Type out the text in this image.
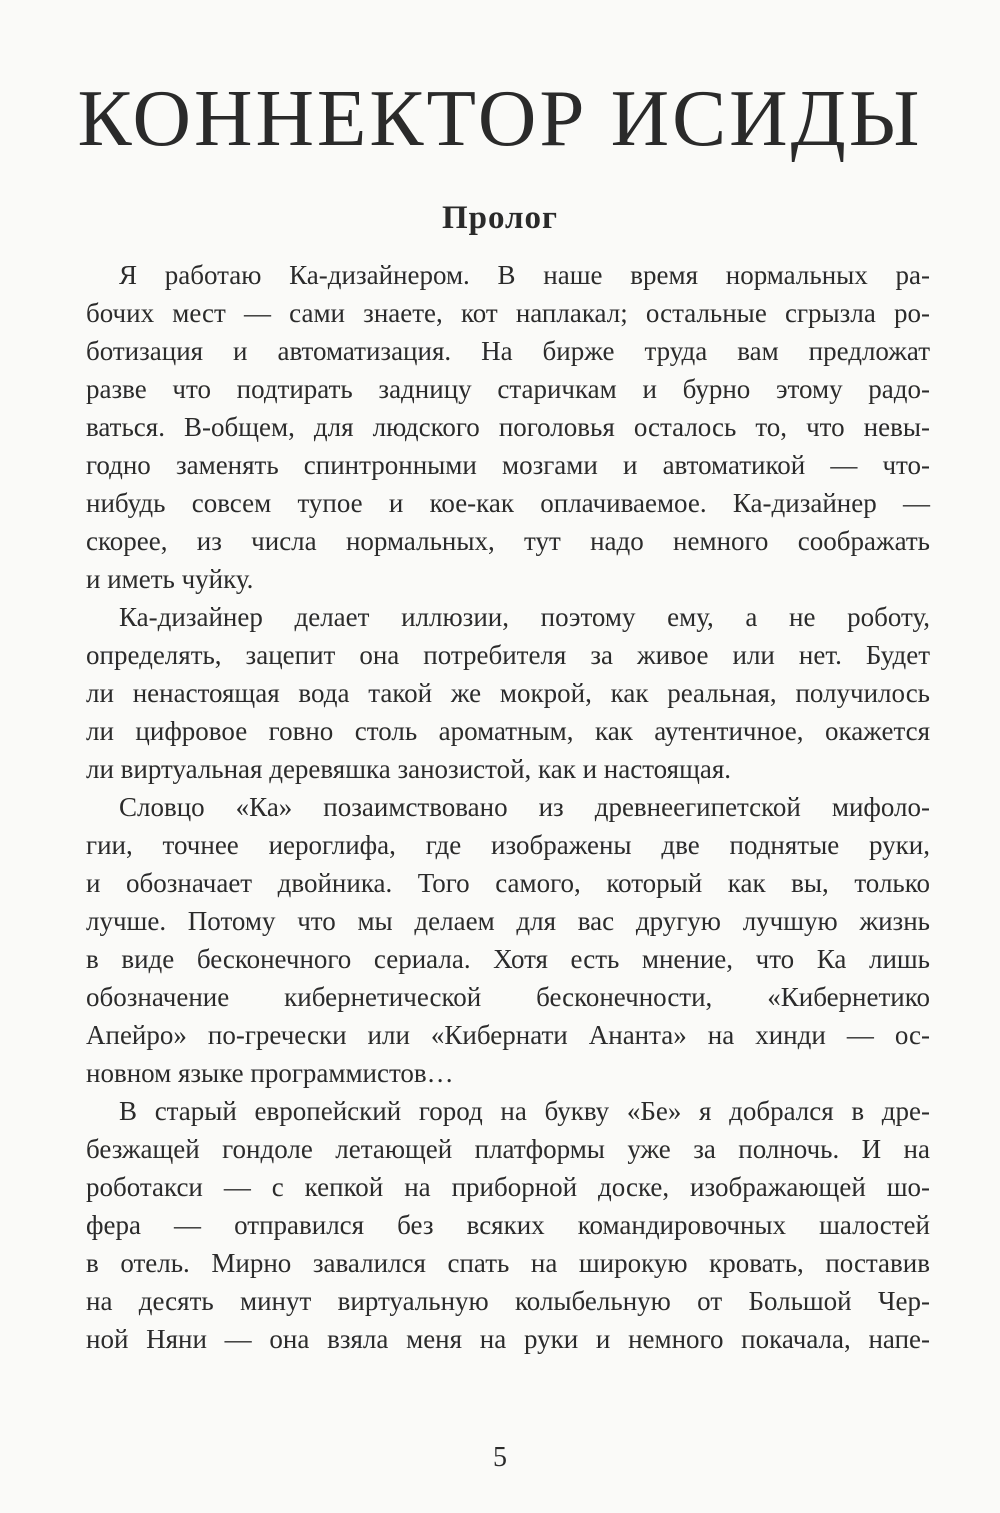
КОННЕКТОР ИСИДЫ
Пролог
Я работаю Ка-дизайнером. В наше время нормальных ра-
бочих мест — сами знаете, кот наплакал; остальные сгрызла ро-
ботизация и автоматизация. На бирже труда вам предложат
разве что подтирать задницу старичкам и бурно этому радо-
ваться. В-общем, для людского поголовья осталось то, что невы-
годно заменять спинтронными мозгами и автоматикой — что-
нибудь совсем тупое и кое-как оплачиваемое. Ка-дизайнер —
скорее, из числа нормальных, тут надо немного соображать
и иметь чуйку.
Ка-дизайнер делает иллюзии, поэтому ему, а не роботу,
определять, зацепит она потребителя за живое или нет. Будет
ли ненастоящая вода такой же мокрой, как реальная, получилось
ли цифровое говно столь ароматным, как аутентичное, окажется
ли виртуальная деревяшка занозистой, как и настоящая.
Словцо «Ка» позаимствовано из древнеегипетской мифоло-
гии, точнее иероглифа, где изображены две поднятые руки,
и обозначает двойника. Того самого, который как вы, только
лучше. Потому что мы делаем для вас другую лучшую жизнь
в виде бесконечного сериала. Хотя есть мнение, что Ка лишь
обозначение кибернетической бесконечности, «Кибернетико
Апейро» по-гречески или «Кибернати Ананта» на хинди — ос-
новном языке программистов…
В старый европейский город на букву «Бе» я добрался в дре-
безжащей гондоле летающей платформы уже за полночь. И на
роботакси — с кепкой на приборной доске, изображающей шо-
фера — отправился без всяких командировочных шалостей
в отель. Мирно завалился спать на широкую кровать, поставив
на десять минут виртуальную колыбельную от Большой Чер-
ной Няни — она взяла меня на руки и немного покачала, напе-
5
